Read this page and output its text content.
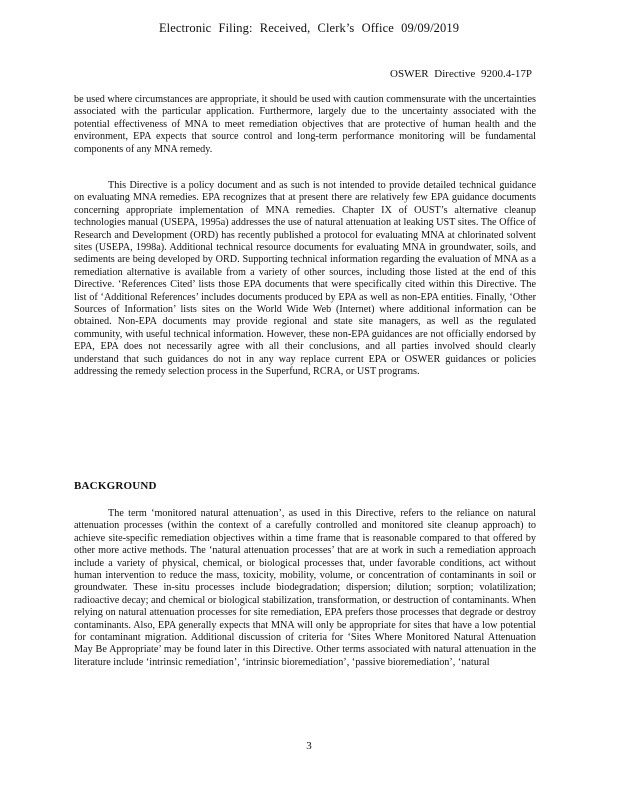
Electronic Filing: Received, Clerk’s Office 09/09/2019
OSWER Directive 9200.4-17P

be used where circumstances are appropriate, it should be used with caution commensurate with the uncertainties associated with the particular application. Furthermore, largely due to the uncertainty associated with the potential effectiveness of MNA to meet remediation objectives that are protective of human health and the environment, EPA expects that source control and long-term performance monitoring will be fundamental components of any MNA remedy.

This Directive is a policy document and as such is not intended to provide detailed technical guidance on evaluating MNA remedies. EPA recognizes that at present there are relatively few EPA guidance documents concerning appropriate implementation of MNA remedies. Chapter IX of OUST’s alternative cleanup technologies manual (USEPA, 1995a) addresses the use of natural attenuation at leaking UST sites. The Office of Research and Development (ORD) has recently published a protocol for evaluating MNA at chlorinated solvent sites (USEPA, 1998a). Additional technical resource documents for evaluating MNA in groundwater, soils, and sediments are being developed by ORD. Supporting technical information regarding the evaluation of MNA as a remediation alternative is available from a variety of other sources, including those listed at the end of this Directive. ‘References Cited’ lists those EPA documents that were specifically cited within this Directive. The list of ‘Additional References’ includes documents produced by EPA as well as non-EPA entities. Finally, ‘Other Sources of Information’ lists sites on the World Wide Web (Internet) where additional information can be obtained. Non-EPA documents may provide regional and state site managers, as well as the regulated community, with useful technical information. However, these non-EPA guidances are not officially endorsed by EPA, EPA does not necessarily agree with all their conclusions, and all parties involved should clearly understand that such guidances do not in any way replace current EPA or OSWER guidances or policies addressing the remedy selection process in the Superfund, RCRA, or UST programs.

BACKGROUND

The term ‘monitored natural attenuation’, as used in this Directive, refers to the reliance on natural attenuation processes (within the context of a carefully controlled and monitored site cleanup approach) to achieve site-specific remediation objectives within a time frame that is reasonable compared to that offered by other more active methods. The ‘natural attenuation processes’ that are at work in such a remediation approach include a variety of physical, chemical, or biological processes that, under favorable conditions, act without human intervention to reduce the mass, toxicity, mobility, volume, or concentration of contaminants in soil or groundwater. These in-situ processes include biodegradation; dispersion; dilution; sorption; volatilization; radioactive decay; and chemical or biological stabilization, transformation, or destruction of contaminants. When relying on natural attenuation processes for site remediation, EPA prefers those processes that degrade or destroy contaminants. Also, EPA generally expects that MNA will only be appropriate for sites that have a low potential for contaminant migration. Additional discussion of criteria for ‘Sites Where Monitored Natural Attenuation May Be Appropriate’ may be found later in this Directive. Other terms associated with natural attenuation in the literature include ‘intrinsic remediation’, ‘intrinsic bioremediation’, ‘passive bioremediation’, ‘natural

3
